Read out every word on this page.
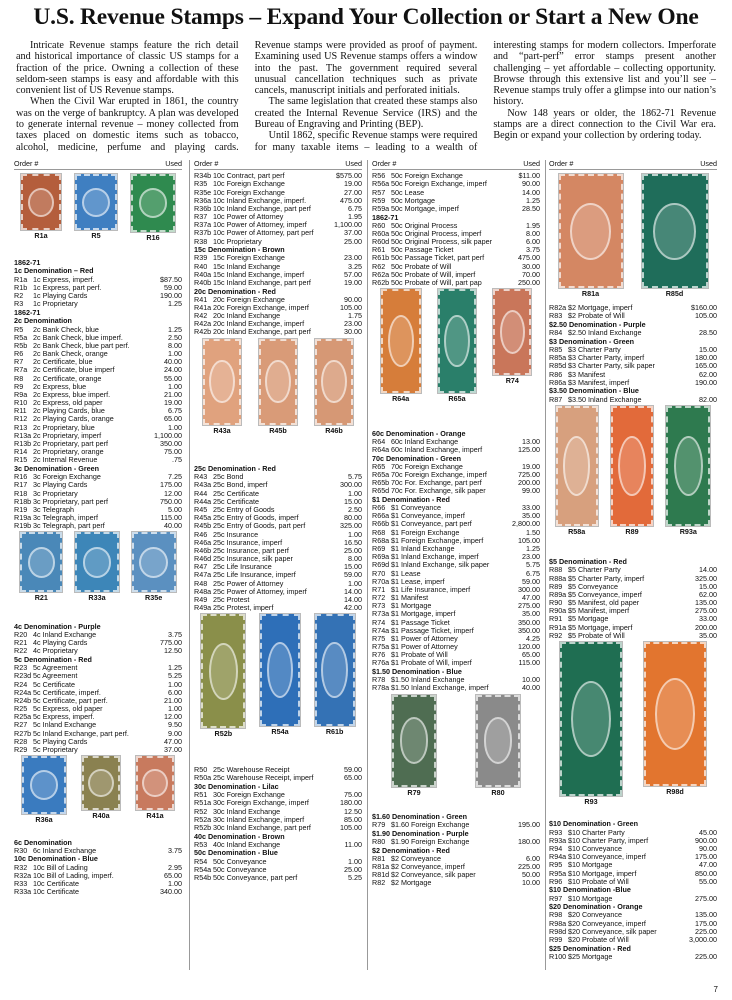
U.S. Revenue Stamps – Expand Your Collection or Start a New One

Intricate Revenue stamps feature the rich detail and historical importance of classic US stamps for a fraction of the price. Owning a collection of these seldom-seen stamps is easy and affordable with this convenient list of US Revenue stamps.

When the Civil War erupted in 1861, the country was on the verge of bankruptcy. A plan was developed to generate internal revenue – money collected from taxes placed on domestic items such as tobacco, alcohol, medicine, perfume and playing cards. Revenue stamps were provided as proof of payment. Examining used US Revenue stamps offers a window into the past. The government required several unusual cancellation techniques such as private cancels, manuscript initials and perforated initials.

The same legislation that created these stamps also created the Internal Revenue Service (IRS) and the Bureau of Engraving and Printing (BEP).

Until 1862, specific Revenue stamps were required for many taxable items – leading to a wealth of interesting stamps for modern collectors. Imperforate and “part-perf” error stamps present another challenging – yet affordable – collecting opportunity. Browse through this extensive list and you’ll see – Revenue stamps truly offer a glimpse into our nation’s history.

Now 148 years or older, the 1862-71 Revenue stamps are a direct connection to the Civil War era. Begin or expand your collection by ordering today.

Order #	Used
R1a	R5	R16
1862-71
1c Denomination – Red
R1a 1c Express, imperf.	$87.50
R1b 1c Express, part perf.	59.00
R2	1c Playing Cards	190.00
R3	1c Proprietary	1.25
1862-71
2c Denomination
R5	2c Bank Check, blue	1.25
R5a 2c Bank Check, blue imperf.	2.50
R5b 2c Bank Check, blue part perf.	8.00
R6	2c Bank Check, orange	1.00
R7	2c Certificate, blue	40.00
R7a 2c Certificate, blue imperf	24.00
R8	2c Certificate, orange	55.00
R9	2c Express, blue	1.00
R9a 2c Express, blue imperf.	21.00
R10 2c Express, old paper	19.00
R11 2c Playing Cards, blue	6.75
R12 2c Playing Cards, orange	65.00
R13 2c Proprietary, blue	1.00
R13a 2c Proprietary, imperf	1,100.00
R13b 2c Proprietary, part perf	350.00
R14 2c Proprietary, orange	75.00
R15 2c Internal Revenue	.75
3c Denomination - Green
R16 3c Foreign Exchange	7.25
R17 3c Playing Cards	175.00
R18 3c Proprietary	12.00
R18b 3c Proprietary, part perf	750.00
R19 3c Telegraph	5.00
R19a 3c Telegraph, imperf	115.00
R19b 3c Telegraph, part perf	40.00
R21	R33a	R35e
4c Denomination - Purple
R20 4c Inland Exchange	3.75
R21 4c Playing Cards	775.00
R22 4c Proprietary	12.50
5c Denomination - Red
R23 5c Agreement	1.25
R23d 5c Agreement	5.25
R24 5c Certificate	1.00
R24a 5c Certificate, imperf.	6.00
R24b 5c Certificate, part perf.	21.00
R25 5c Express, old paper	1.00
R25a 5c Express, imperf.	12.00
R27 5c Inland Exchange	9.50
R27b 5c Inland Exchange, part perf.	9.00
R28 5c Playing Cards	47.00
R29 5c Proprietary	37.00
R36a	R40a	R41a
6c Denomination
R30 6c Inland Exchange	3.75
10c Denomination - Blue
R32 10c Bill of Lading	2.95
R32a 10c Bill of Lading, imperf.	65.00
R33 10c Certificate	1.00
R33a 10c Certificate	340.00
Order #	Used
R34b 10c Contract, part perf	$575.00
R35 10c Foreign Exchange	19.00
R35e 10c Foreign Exchange	27.00
R36a 10c Inland Exchange, imperf.	475.00
R36b 10c Inland Exchange, part perf	6.75
R37 10c Power of Attorney	1.95
R37a 10c Power of Attorney, imperf	1,100.00
R37b 10c Power of Attorney, part perf	37.00
R38 10c Proprietary	25.00
15c Denomination - Brown
R39 15c Foreign Exchange	23.00
R40 15c Inland Exchange	3.25
R40a 15c Inland Exchange, imperf	57.00
R40b 15c Inland Exchange, part perf	19.00
20c Denomination - Red
R41 20c Foreign Exchange	90.00
R41a 20c Foreign Exchange, imperf	105.00
R42 20c Inland Exchange	1.75
R42a 20c Inland Exchange, imperf	23.00
R42b 20c Inland Exchange, part perf	30.00
R43a	R45b	R46b
25c Denomination - Red
R43 25c Bond	5.75
R43a 25c Bond, imperf	300.00
R44 25c Certificate	1.00
R44a 25c Certificate	15.00
R45 25c Entry of Goods	2.50
R45a 25c Entry of Goods, imperf	80.00
R45b 25c Entry of Goods, part perf	325.00
R46 25c Insurance	1.00
R46a 25c Insurance, imperf	16.50
R46b 25c Insurance, part perf	25.00
R46d 25c Insurance, silk paper	8.00
R47 25c Life Insurance	15.00
R47a 25c Life Insurance, imperf	59.00
R48 25c Power of Attorney	1.00
R48a 25c Power of Attorney, imperf	14.00
R49 25c Protest	14.00
R49a 25c Protest, imperf	42.00
R52b	R54a	R61b
R50 25c Warehouse Receipt	59.00
R50a 25c Warehouse Receipt, imperf	65.00
30c Denomination - Lilac
R51 30c Foreign Exchange	75.00
R51a 30c Foreign Exchange, imperf	180.00
R52 30c Inland Exchange	12.50
R52a 30c Inland Exchange, imperf	85.00
R52b 30c Inland Exchange, part perf	105.00
40c Denomination - Brown
R53 40c Inland Exchange	11.00
50c Denomination - Blue
R54 50c Conveyance	1.00
R54a 50c Conveyance	25.00
R54b 50c Conveyance, part perf	5.25
Order #	Used
R56 50c Foreign Exchange	$11.00
R56a 50c Foreign Exchange, imperf	90.00
R57 50c Lease	14.00
R59 50c Mortgage	1.25
R59a 50c Mortgage, imperf	28.50
1862-71
R60 50c Original Process	1.95
R60a 50c Original Process, imperf	8.00
R60d 50c Original Process, silk paper	6.00
R61 50c Passage Ticket	3.75
R61b 50c Passage Ticket, part perf	475.00
R62 50c Probate of Will	30.00
R62a 50c Probate of Will, imperf	70.00
R62b 50c Probate of Will, part pap	250.00
R64a	R65a
R74
60c Denomination - Orange
R64 60c Inland Exchange	13.00
R64a 60c Inland Exchange, imperf	125.00
70c Denomination - Green
R65 70c Foreign Exchange	19.00
R65a 70c Foreign Exchange, imperf	725.00
R65b 70c For. Exchange, part perf	200.00
R65d 70c For. Exchange, silk paper	99.00
$1 Denomination - Red
R66 $1 Conveyance	33.00
R66a $1 Conveyance, imperf	35.00
R66b $1 Conveyance, part perf	2,800.00
R68 $1 Foreign Exchange	1.50
R68a $1 Foreign Exchange, imperf	105.00
R69 $1 Inland Exchange	1.25
R69a $1 Inland Exchange, imperf	23.00
R69d $1 Inland Exchange, silk paper	5.75
R70 $1 Lease	6.75
R70a $1 Lease, imperf	59.00
R71 $1 Life Insurance, imperf	300.00
R72 $1 Manifest	47.00
R73 $1 Mortgage	275.00
R73a $1 Mortgage, imperf	35.00
R74 $1 Passage Ticket	350.00
R74a $1 Passage Ticket, imperf	350.00
R75 $1 Power of Attorney	4.25
R75a $1 Power of Attorney	120.00
R76 $1 Probate of Will	65.00
R76a $1 Probate of Will, imperf	115.00
$1.50 Denomination - Blue
R78 $1.50 Inland Exchange	10.00
R78a $1.50 Inland Exchange, imperf	40.00
R79	R80
$1.60 Denomination - Green
R79 $1.60 Foreign Exchange	195.00
$1.90 Denomination - Purple
R80 $1.90 Foreign Exchange	180.00
$2 Denomination - Red
R81 $2 Conveyance	6.00
R81a $2 Conveyance, imperf	225.00
R81d $2 Conveyance, silk paper	50.00
R82 $2 Mortgage	10.00
Order #	Used
R81a	R85d
R82a $2 Mortgage, imperf	$160.00
R83 $2 Probate of Will	105.00
$2.50 Denomination - Purple
R84 $2.50 Inland Exchange	28.50
$3 Denomination - Green
R85 $3 Charter Party	15.00
R85a $3 Charter Party, imperf	180.00
R85d $3 Charter Party, silk paper	165.00
R86 $3 Manifest	62.00
R86a $3 Manifest, imperf	190.00
$3.50 Denomination - Blue
R87 $3.50 Inland Exchange	82.00
R58a	R89	R93a
$5 Denomination - Red
R88 $5 Charter Party	14.00
R88a $5 Charter Party, imperf	325.00
R89 $5 Conveyance	15.00
R89a $5 Conveyance, imperf	62.00
R90 $5 Manifest, old paper	135.00
R90a $5 Manifest, imperf	275.00
R91 $5 Mortgage	33.00
R91a $5 Mortgage, imperf	200.00
R92 $5 Probate of Will	35.00
R93
R98d
$10 Denomination - Green
R93 $10 Charter Party	45.00
R93a $10 Charter Party, imperf	900.00
R94 $10 Conveyance	90.00
R94a $10 Conveyance, imperf	175.00
R95 $10 Mortgage	47.00
R95a $10 Mortgage, imperf	850.00
R96 $10 Probate of Will	55.00
$10 Denomination -Blue
R97 $10 Mortgage	275.00
$20 Denomination - Orange
R98 $20 Conveyance	135.00
R98a $20 Conveyance, imperf	175.00
R98d $20 Conveyance, silk paper	225.00
R99 $20 Probate of Will	3,000.00
$25 Denomination - Red
R100 $25 Mortgage	225.00
7
